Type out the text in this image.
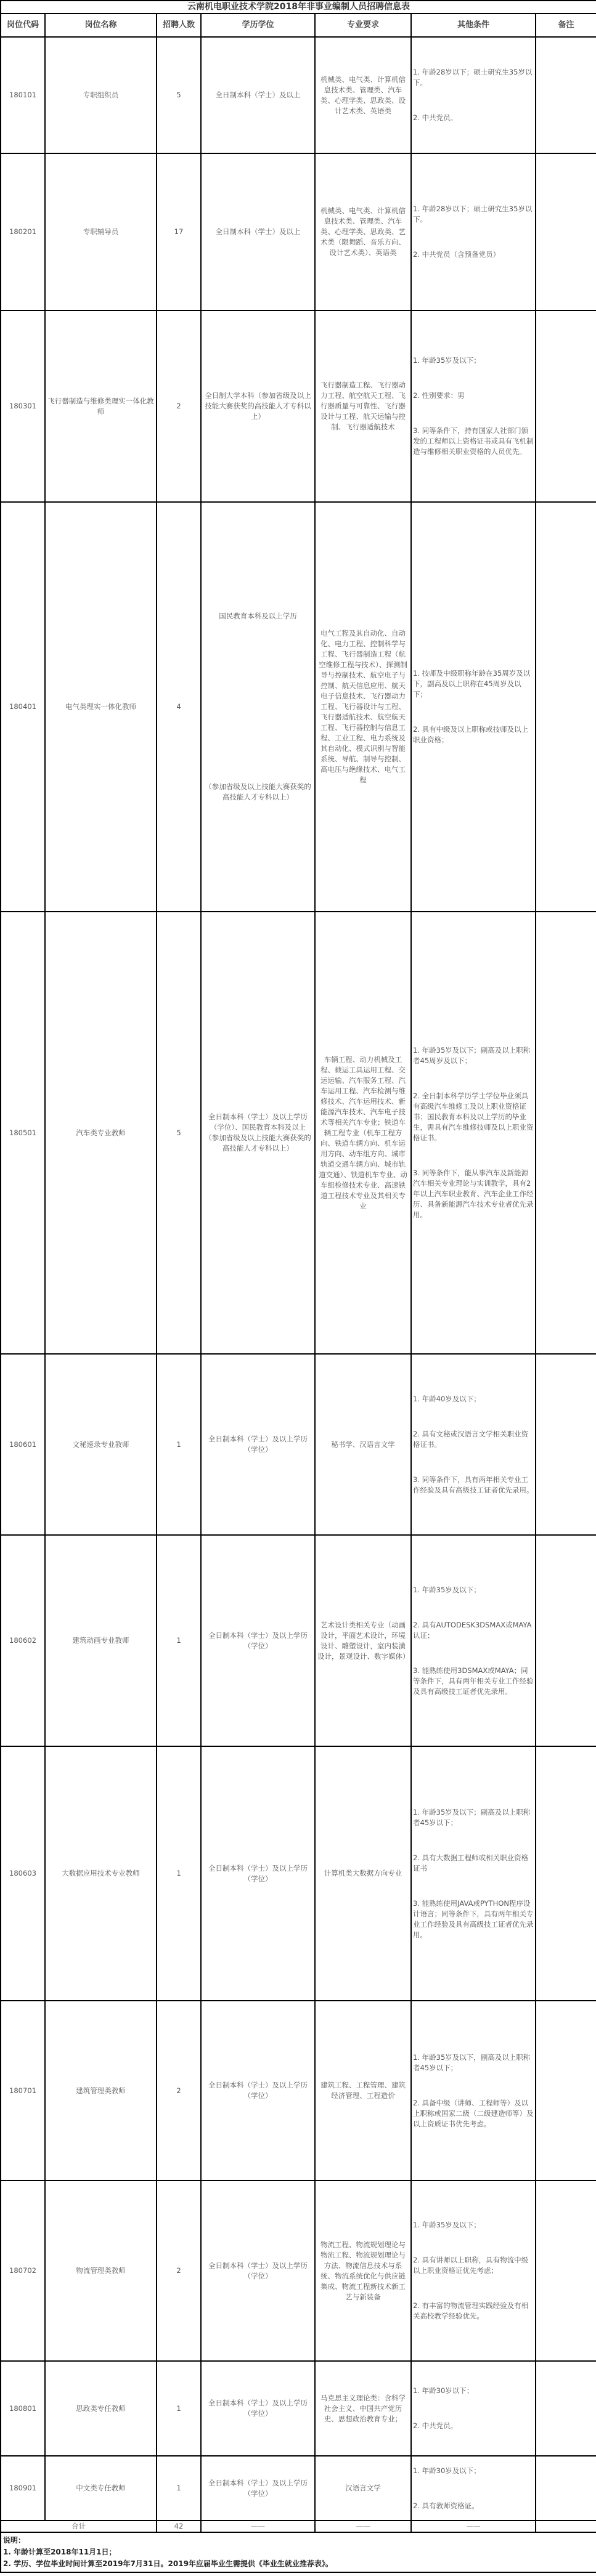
云南机电职业技术学院2018年非事业编制人员招聘信息表						
岗位代码	岗位名称	招聘人数	学历学位	专业要求	其他条件	备注
180101	专职组织员	5	全日制本科（学士）及以上	机械类、电气类、计算机信息技术类、管理类、汽车类、心理学类、思政类、设计艺术类、英语类	1. 年龄28岁以下；硕士研究生35岁以下。
2. 中共党员。	

180201	专职辅导员	17	全日制本科（学士）及以上	机械类、电气类、计算机信息技术类、管理类、汽车类、心理学类、思政类、艺术类（限舞蹈、音乐方向、设计艺术类）、英语类	1. 年龄28岁以下；硕士研究生35岁以下。
2. 中共党员（含预备党员）	

180301	飞行器制造与维修类理实一体化教师	2	全日制大学本科（参加省级及以上技能大赛获奖的高技能人才专科以上）	飞行器制造工程、飞行器动力工程、航空航天工程、飞行器质量与可靠性、飞行器设计与工程、航天运输与控制、飞行器适航技术	1. 年龄35岁及以下；
2. 性别要求：男
3. 同等条件下，持有国家人社部门颁发的工程师以上资格证书或具有飞机制造与维修相关职业资格的人员优先。	

180401	电气类理实一体化教师	4	
国民教育本科及以上学历
（参加省级及以上技能大赛获奖的高技能人才专科以上）
	电气工程及其自动化、自动化、电力工程、控制科学与工程、飞行器制造工程（航空维修工程与技术）、探测制导与控制技术、航空电子与控制、航天信息应用、航天电子信息技术、飞行器动力工程、飞行器设计与工程、飞行器适航技术、航空航天工程、飞行器控制与信息工程、工业工程、电力系统及其自动化、模式识别与智能系统、导航、制导与控制、高电压与绝缘技术、电气工程	
1. 技师及中级职称年龄在35周岁及以下，副高及以上职称在45周岁及以下；
2. 具有中级及以上职称或技师及以上职业资格；

180501	汽车类专业教师	5	全日制本科（学士）及以上学历（学位）、国民教育本科及以上（参加省级及以上技能大赛获奖的高技能人才专科以上）	车辆工程、动力机械及工程、载运工具运用工程、交运运输、汽车服务工程、汽车运用工程、汽车检测与维修技术、汽车运用技术、新能源汽车技术、汽车电子技术等相关汽车专业；铁道车辆工程专业（机车工程方向、铁道车辆方向、机车运用方向、动车组方向、城市轨道交通车辆方向、城市轨道交通）、铁道机车专业、动车组检修技术专业、高速铁道工程技术专业及其相关专业	1. 年龄35岁及以下；副高及以上职称者45周岁及以下；
2. 全日制本科学历学士学位毕业须具有高级汽车维修工及以上职业资格证书；国民教育本科及以上学历的毕业生，需具有汽车维修技师及以上职业资格证书。
3. 同等条件下，能从事汽车及新能源汽车相关专业理论与实训教学，具有2年以上汽车职业教育、汽车企业工作经历、具备新能源汽车技术专业者优先录用。	

180601	文秘速录专业教师	1	全日制本科（学士）及以上学历（学位）	秘书学、汉语言文学	1. 年龄40岁及以下；
2. 具有文秘或汉语言文学相关职业资格证书。
3. 同等条件下，具有两年相关专业工作经验及具有高级技工证者优先录用。	

180602	建筑动画专业教师	1	全日制本科（学士）及以上学历（学位）	艺术设计类相关专业（动画设计，平面艺术设计，环境设计、雕塑设计，室内装潢设计，景观设计、数字媒体）	1. 年龄35岁及以下；
2. 具有AUTODESK3DSMAX或MAYA认证；
3. 能熟练使用3DSMAX或MAYA；同等条件下，具有两年相关专业工作经验及具有高级技工证者优先录用。	

180603	大数据应用技术专业教师	1	全日制本科（学士）及以上学历（学位）	计算机类大数据方向专业	1. 年龄35岁及以下；副高及以上职称者45岁以下；
2. 具有大数据工程师或相关职业资格证书
3. 能熟练使用JAVA或PYTHON程序设计语言；同等条件下，具有两年相关专业工作经验及具有高级技工证者优先录用。	

180701	建筑管理类教师	2	全日制本科（学士）及以上学历（学位）	建筑工程、工程管理、建筑经济管理、工程造价	1. 年龄35岁及以下，副高及以上职称者45岁以下；
2. 具备中级（讲师、工程师等）及以上职称或国家二级（二级建造师等）及以上资质证书优先考虑。	

180702	物流管理类教师	2	全日制本科（学士）及以上学历（学位）	物流工程、物流规划理论与物流工程、物流规划理论与方法、物流信息技术与系统、物流系统优化与供应链集成、物流工程新技术新工艺与新装备	1. 年龄35岁及以下；
2. 具有讲师以上职称，具有物流中级以上职业资格证优先考虑；
2. 有丰富的物流管理实践经验及有相关高校教学经验优先。	

180801	思政类专任教师	1	全日制本科（学士）及以上学历（学位）	马克思主义理论类：含科学社会主义、中国共产党历史、思想政治教育专业；	1. 年龄30岁以下；
2. 中共党员。	

180901	中文类专任教师	1	全日制本科（学士）及以上学历（学位）	汉语言文学	1. 年龄30岁及以下；
2. 具有教师资格证。	

合计		42	——	——	——	

说明：
1. 年龄计算至2018年11月1日；
2. 学历、学位毕业时间计算至2019年7月31日。2019年应届毕业生需提供《毕业生就业推荐表》。						
